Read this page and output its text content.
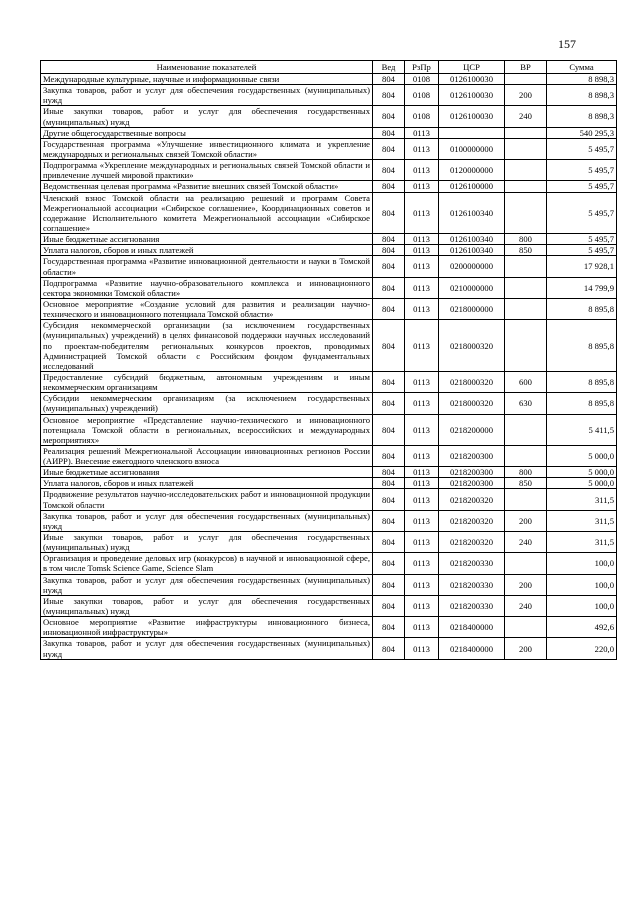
157
Наименование показателей	Вед	РзПр	ЦСР	ВР	Сумма
Международные культурные, научные и информационные связи	804	0108	0126100030		8 898,3
Закупка товаров, работ и услуг для обеспечения государственных (муниципальных) нужд	804	0108	0126100030	200	8 898,3
Иные закупки товаров, работ и услуг для обеспечения государственных (муниципальных) нужд	804	0108	0126100030	240	8 898,3
Другие общегосударственные вопросы	804	0113			540 295,3
Государственная программа «Улучшение инвестиционного климата и укрепление международных и региональных связей Томской области»	804	0113	0100000000		5 495,7
Подпрограмма «Укрепление международных и региональных связей Томской области и привлечение лучшей мировой практики»	804	0113	0120000000		5 495,7
Ведомственная целевая программа «Развитие внешних связей Томской области»	804	0113	0126100000		5 495,7
Членский взнос Томской области на реализацию решений и программ Совета Межрегиональной ассоциации «Сибирское соглашение», Координационных советов и содержание Исполнительного комитета Межрегиональной ассоциации «Сибирское соглашение»	804	0113	0126100340		5 495,7
Иные бюджетные ассигнования	804	0113	0126100340	800	5 495,7
Уплата налогов, сборов и иных платежей	804	0113	0126100340	850	5 495,7
Государственная программа «Развитие инновационной деятельности и науки в Томской области»	804	0113	0200000000		17 928,1
Подпрограмма «Развитие научно-образовательного комплекса и инновационного сектора экономики Томской области»	804	0113	0210000000		14 799,9
Основное мероприятие «Создание условий для развития и реализации научно-технического и инновационного потенциала Томской области»	804	0113	0218000000		8 895,8
Субсидия некоммерческой организации (за исключением государственных (муниципальных) учреждений) в целях финансовой поддержки научных исследований по проектам-победителям региональных конкурсов проектов, проводимых Администрацией Томской области с Российским фондом фундаментальных исследований	804	0113	0218000320		8 895,8
Предоставление субсидий бюджетным, автономным учреждениям и иным некоммерческим организациям	804	0113	0218000320	600	8 895,8
Субсидии некоммерческим организациям (за исключением государственных (муниципальных) учреждений)	804	0113	0218000320	630	8 895,8
Основное мероприятие «Представление научно-технического и инновационного потенциала Томской области в региональных, всероссийских и международных мероприятиях»	804	0113	0218200000		5 411,5
Реализация решений Межрегиональной Ассоциации инновационных регионов России (АИРР). Внесение ежегодного членского взноса	804	0113	0218200300		5 000,0
Иные бюджетные ассигнования	804	0113	0218200300	800	5 000,0
Уплата налогов, сборов и иных платежей	804	0113	0218200300	850	5 000,0
Продвижение результатов научно-исследовательских работ и инновационной продукции Томской области	804	0113	0218200320		311,5
Закупка товаров, работ и услуг для обеспечения государственных (муниципальных) нужд	804	0113	0218200320	200	311,5
Иные закупки товаров, работ и услуг для обеспечения государственных (муниципальных) нужд	804	0113	0218200320	240	311,5
Организация и проведение деловых игр (конкурсов) в научной и инновационной сфере, в том числе Tomsk Science Game, Science Slam	804	0113	0218200330		100,0
Закупка товаров, работ и услуг для обеспечения государственных (муниципальных) нужд	804	0113	0218200330	200	100,0
Иные закупки товаров, работ и услуг для обеспечения государственных (муниципальных) нужд	804	0113	0218200330	240	100,0
Основное мероприятие «Развитие инфраструктуры инновационного бизнеса, инновационной инфраструктуры»	804	0113	0218400000		492,6
Закупка товаров, работ и услуг для обеспечения государственных (муниципальных) нужд	804	0113	0218400000	200	220,0
